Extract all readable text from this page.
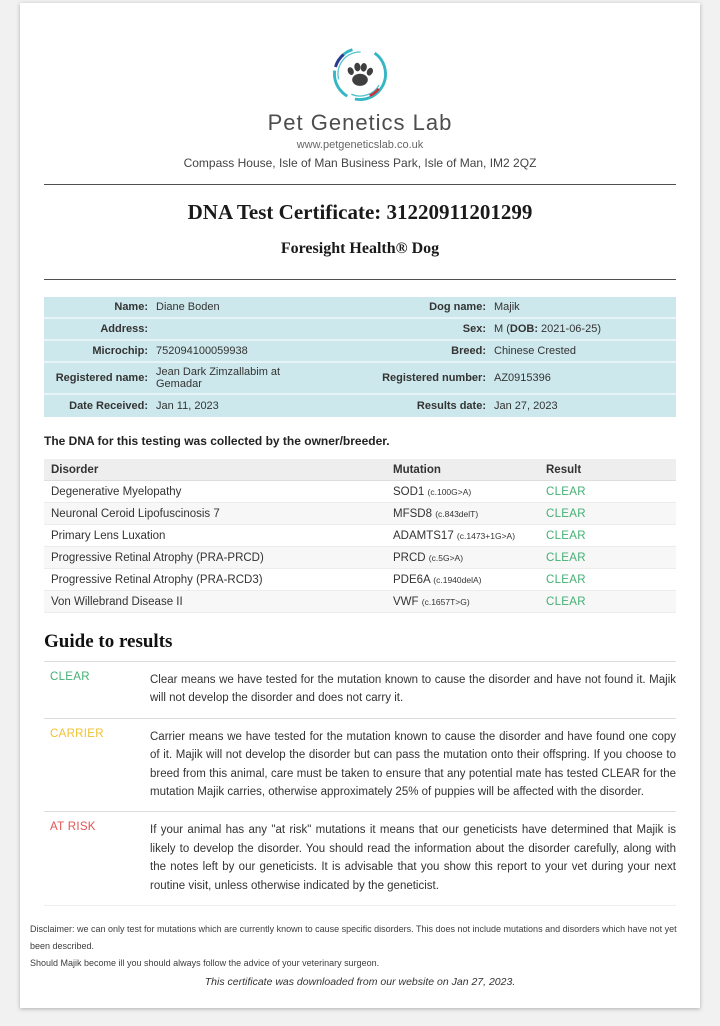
Pet Genetics Lab
www.petgeneticslab.co.uk
Compass House, Isle of Man Business Park, Isle of Man, IM2 2QZ
DNA Test Certificate: 31220911201299
Foresight Health® Dog
Name: Diane Boden	Dog name: Majik
Address:	Sex: M (DOB: 2021-06-25)
Microchip: 752094100059938	Breed: Chinese Crested
Registered name: Jean Dark Zimzallabim at Gemadar	Registered number: AZ0915396
Date Received: Jan 11, 2023	Results date: Jan 27, 2023
The DNA for this testing was collected by the owner/breeder.
Disorder	Mutation	Result
Degenerative Myelopathy	SOD1 (c.100G>A)	CLEAR
Neuronal Ceroid Lipofuscinosis 7	MFSD8 (c.843delT)	CLEAR
Primary Lens Luxation	ADAMTS17 (c.1473+1G>A)	CLEAR
Progressive Retinal Atrophy (PRA-PRCD)	PRCD (c.5G>A)	CLEAR
Progressive Retinal Atrophy (PRA-RCD3)	PDE6A (c.1940delA)	CLEAR
Von Willebrand Disease II	VWF (c.1657T>G)	CLEAR
Guide to results
CLEAR	Clear means we have tested for the mutation known to cause the disorder and have not found it. Majik will not develop the disorder and does not carry it.
CARRIER	Carrier means we have tested for the mutation known to cause the disorder and have found one copy of it. Majik will not develop the disorder but can pass the mutation onto their offspring. If you choose to breed from this animal, care must be taken to ensure that any potential mate has tested CLEAR for the mutation Majik carries, otherwise approximately 25% of puppies will be affected with the disorder.
AT RISK	If your animal has any "at risk" mutations it means that our geneticists have determined that Majik is likely to develop the disorder. You should read the information about the disorder carefully, along with the notes left by our geneticists. It is advisable that you show this report to your vet during your next routine visit, unless otherwise indicated by the geneticist.
Disclaimer: we can only test for mutations which are currently known to cause specific disorders. This does not include mutations and disorders which have not yet been described.
Should Majik become ill you should always follow the advice of your veterinary surgeon.
This certificate was downloaded from our website on Jan 27, 2023.
